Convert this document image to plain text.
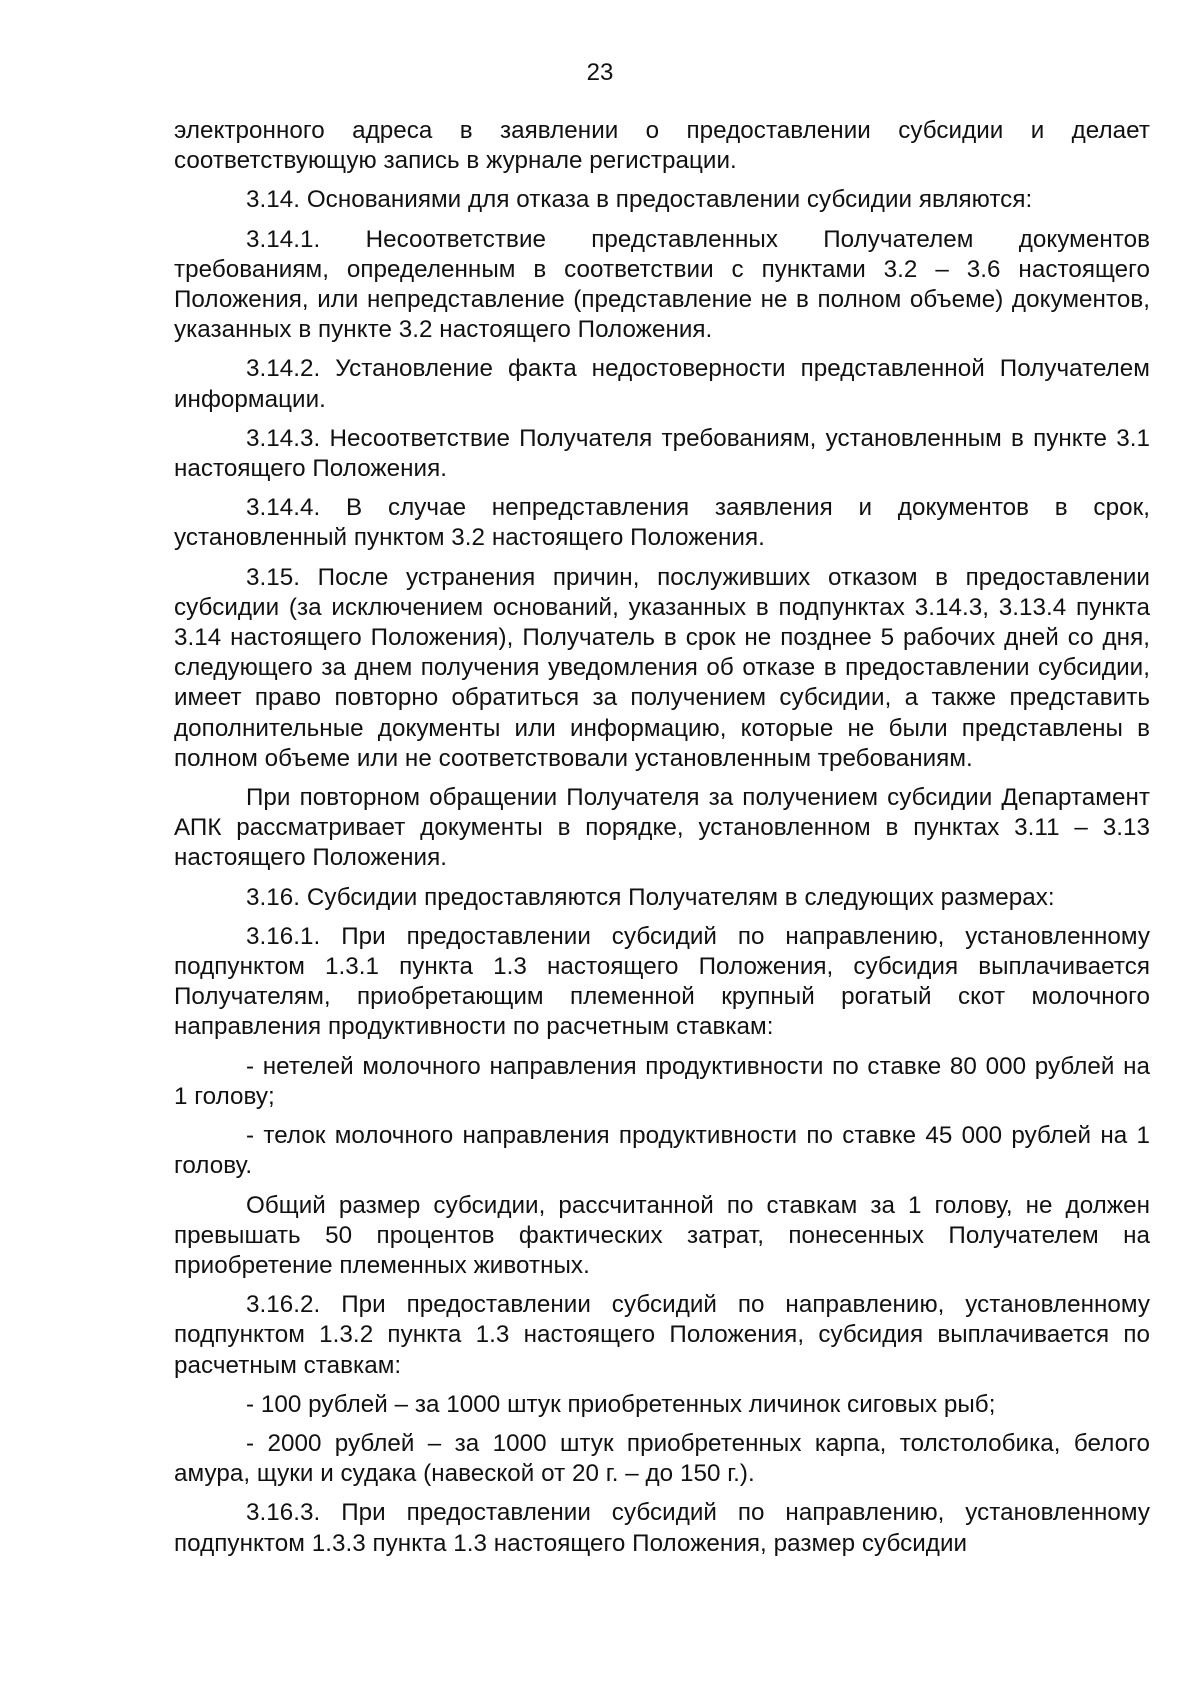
23

электронного адреса в заявлении о предоставлении субсидии и делает соответствующую запись в журнале регистрации.

3.14. Основаниями для отказа в предоставлении субсидии являются:

3.14.1. Несоответствие представленных Получателем документов требованиям, определенным в соответствии с пунктами 3.2 – 3.6 настоящего Положения, или непредставление (представление не в полном объеме) документов, указанных в пункте 3.2 настоящего Положения.

3.14.2. Установление факта недостоверности представленной Получателем информации.

3.14.3. Несоответствие Получателя требованиям, установленным в пункте 3.1 настоящего Положения.

3.14.4. В случае непредставления заявления и документов в срок, установленный пунктом 3.2 настоящего Положения.

3.15. После устранения причин, послуживших отказом в предоставлении субсидии (за исключением оснований, указанных в подпунктах 3.14.3, 3.13.4 пункта 3.14 настоящего Положения), Получатель в срок не позднее 5 рабочих дней со дня, следующего за днем получения уведомления об отказе в предоставлении субсидии, имеет право повторно обратиться за получением субсидии, а также представить дополнительные документы или информацию, которые не были представлены в полном объеме или не соответствовали установленным требованиям.

При повторном обращении Получателя за получением субсидии Департамент АПК рассматривает документы в порядке, установленном в пунктах 3.11 – 3.13 настоящего Положения.

3.16. Субсидии предоставляются Получателям в следующих размерах:

3.16.1. При предоставлении субсидий по направлению, установленному подпунктом 1.3.1 пункта 1.3 настоящего Положения, субсидия выплачивается Получателям, приобретающим племенной крупный рогатый скот молочного направления продуктивности по расчетным ставкам:

- нетелей молочного направления продуктивности по ставке 80 000 рублей на 1 голову;

- телок молочного направления продуктивности по ставке 45 000 рублей на 1 голову.

Общий размер субсидии, рассчитанной по ставкам за 1 голову, не должен превышать 50 процентов фактических затрат, понесенных Получателем на приобретение племенных животных.

3.16.2. При предоставлении субсидий по направлению, установленному подпунктом 1.3.2 пункта 1.3 настоящего Положения, субсидия выплачивается по расчетным ставкам:

- 100 рублей – за 1000 штук приобретенных личинок сиговых рыб;

- 2000 рублей – за 1000 штук приобретенных карпа, толстолобика, белого амура, щуки и судака (навеской от 20 г. – до 150 г.).

3.16.3. При предоставлении субсидий по направлению, установленному подпунктом 1.3.3 пункта 1.3 настоящего Положения, размер субсидии
